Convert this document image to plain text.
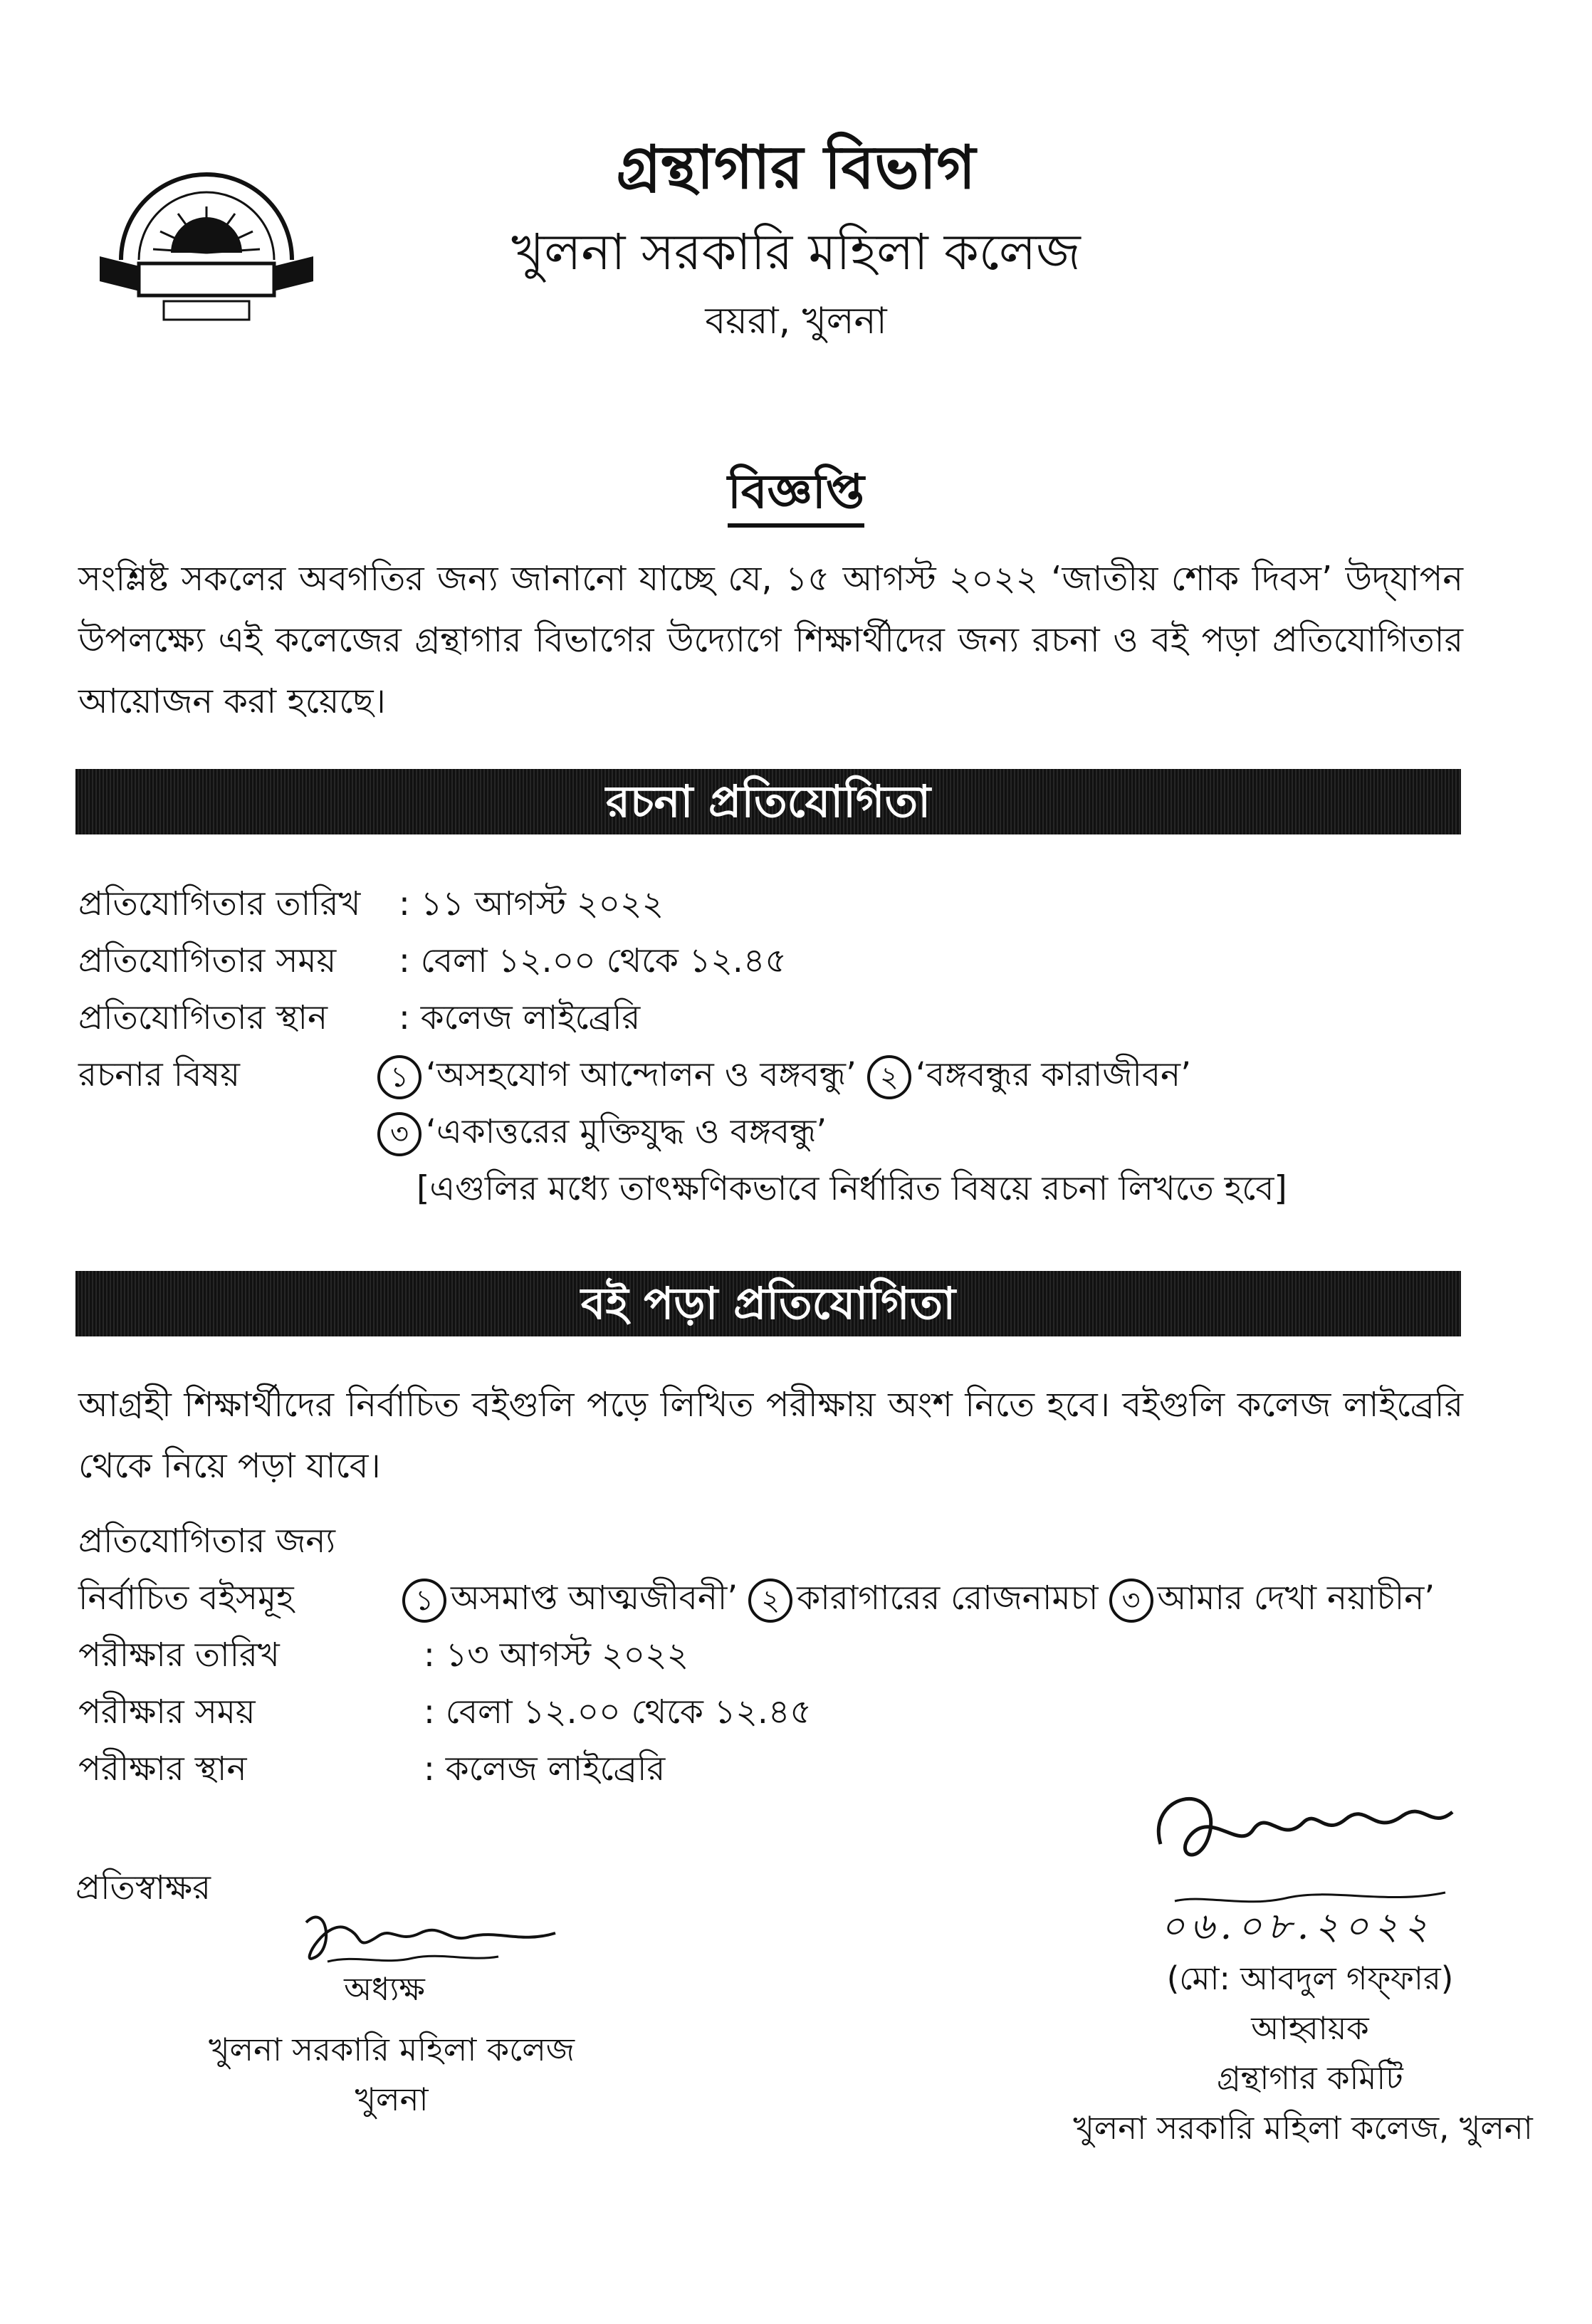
গ্রন্থাগার বিভাগ
খুলনা সরকারি মহিলা কলেজ
বয়রা, খুলনা
বিজ্ঞপ্তি
সংশ্লিষ্ট সকলের অবগতির জন্য জানানো যাচ্ছে যে, ১৫ আগস্ট ২০২২ ‘জাতীয় শোক দিবস’ উদ্‌যাপন উপলক্ষ্যে এই কলেজের গ্রন্থাগার বিভাগের উদ্যোগে শিক্ষার্থীদের জন্য রচনা ও বই পড়া প্রতিযোগিতার আয়োজন করা হয়েছে।
রচনা প্রতিযোগিতা
প্রতিযোগিতার তারিখ : ১১ আগস্ট ২০২২
প্রতিযোগিতার সময় : বেলা ১২.০০ থেকে ১২.৪৫
প্রতিযোগিতার স্থান : কলেজ লাইব্রেরি
রচনার বিষয়	১ ‘অসহযোগ আন্দোলন ও বঙ্গবন্ধু’ ২ ‘বঙ্গবন্ধুর কারাজীবন’
৩ ‘একাত্তরের মুক্তিযুদ্ধ ও বঙ্গবন্ধু’
[এগুলির মধ্যে তাৎক্ষণিকভাবে নির্ধারিত বিষয়ে রচনা লিখতে হবে]
বই পড়া প্রতিযোগিতা
আগ্রহী শিক্ষার্থীদের নির্বাচিত বইগুলি পড়ে লিখিত পরীক্ষায় অংশ নিতে হবে। বইগুলি কলেজ লাইব্রেরি থেকে নিয়ে পড়া যাবে।
প্রতিযোগিতার জন্য
নির্বাচিত বইসমূহ	১ অসমাপ্ত আত্মজীবনী’ ২ কারাগারের রোজনামচা ৩ আমার দেখা নয়াচীন’
পরীক্ষার তারিখ	: ১৩ আগস্ট ২০২২
পরীক্ষার সময়	: বেলা ১২.০০ থেকে ১২.৪৫
পরীক্ষার স্থান	: কলেজ লাইব্রেরি
প্রতিস্বাক্ষর
অধ্যক্ষ
খুলনা সরকারি মহিলা কলেজ
খুলনা
০৬.০৮.২০২২
(মো: আবদুল গফ্‌ফার)
আহ্বায়ক
গ্রন্থাগার কমিটি
খুলনা সরকারি মহিলা কলেজ, খুলনা
